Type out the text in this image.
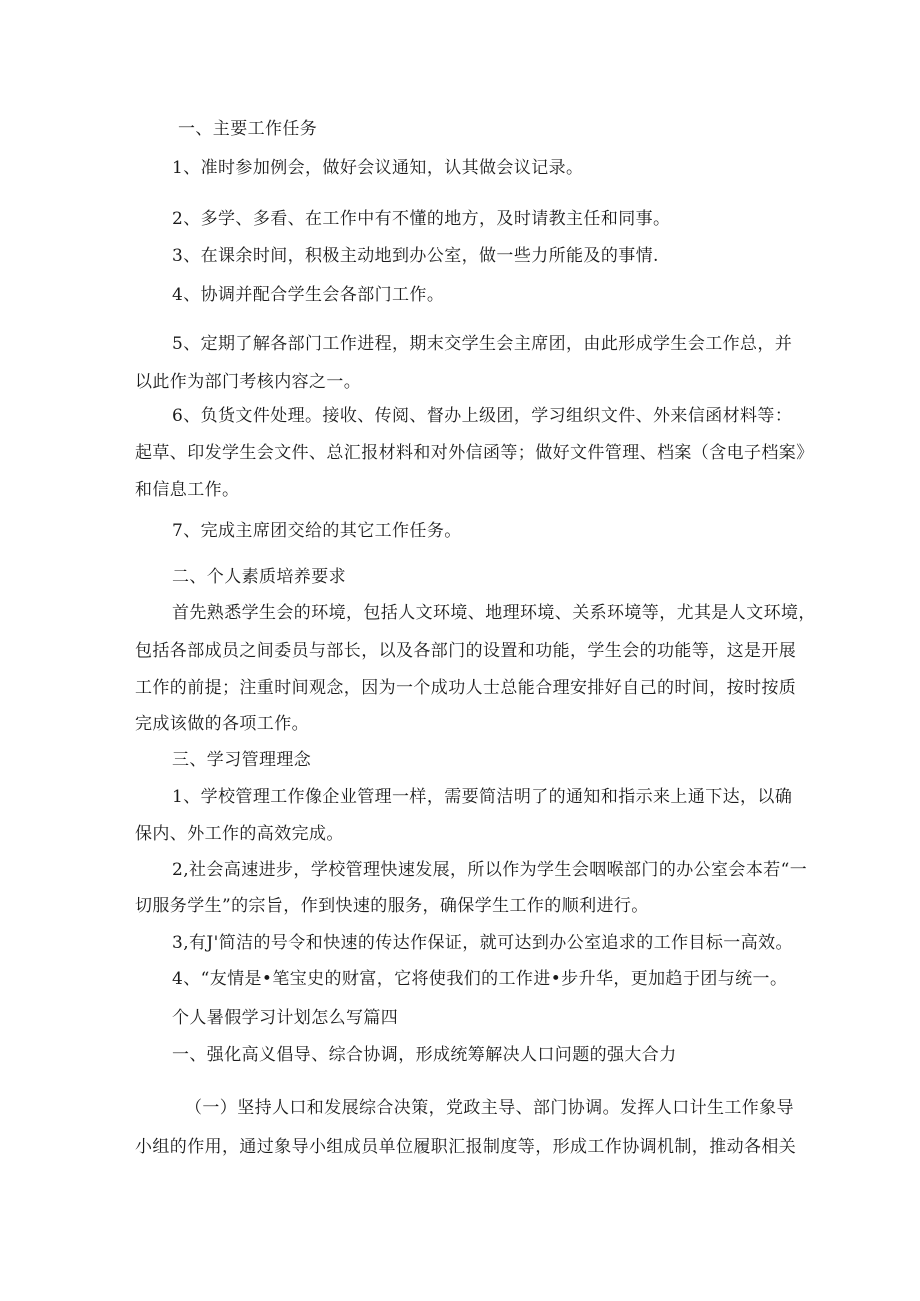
一、主要工作任务
1、准时参加例会，做好会议通知，认其做会议记录。
2、多学、多看、在工作中有不懂的地方，及时请教主任和同事。
3、在课余时间，积极主动地到办公室，做一些力所能及的事情.
4、协调并配合学生会各部门工作。
5、定期了解各部门工作进程，期末交学生会主席团，由此形成学生会工作总，并
以此作为部门考核内容之一。
6、负货文件处理。接收、传阅、督办上级团，学习组织文件、外来信函材料等：
起草、印发学生会文件、总汇报材料和对外信函等；做好文件管理、档案（含电子档案》
和信息工作。
7、完成主席团交给的其它工作任务。
二、个人素质培养要求
首先熟悉学生会的环境，包括人文环境、地理环境、关系环境等，尤其是人文环境，
包括各部成员之间委员与部长，以及各部门的设置和功能，学生会的功能等，这是开展
工作的前提；注重时间观念，因为一个成功人士总能合理安排好自己的时间，按时按质
完成该做的各项工作。
三、学习管理理念
1、学校管理工作像企业管理一样，需要简洁明了的通知和指示来上通下达，以确
保内、外工作的高效完成。
2,社会高速进步，学校管理快速发展，所以作为学生会咽喉部门的办公室会本若“一
切服务学生”的宗旨，作到快速的服务，确保学生工作的顺利进行。
3,有J'简洁的号令和快速的传达作保证，就可达到办公室追求的工作目标一高效。
4、“友情是•笔宝史的财富，它将使我们的工作进•步升华，更加趋于团与统一。
个人暑假学习计划怎么写篇四
一、强化高义倡导、综合协调，形成统筹解决人口问题的强大合力
（一）坚持人口和发展综合决策，党政主导、部门协调。发挥人口计生工作象导
小组的作用，通过象导小组成员单位履职汇报制度等，形成工作协调机制，推动各相关
